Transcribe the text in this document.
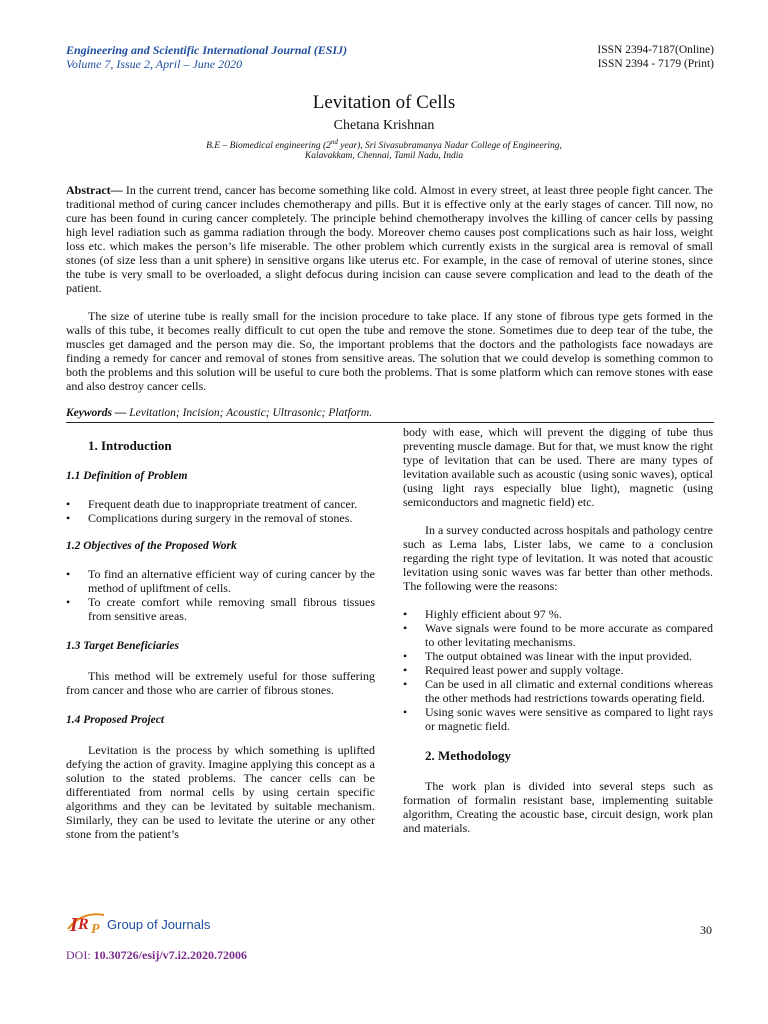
Engineering and Scientific International Journal (ESIJ)
Volume 7, Issue 2, April – June 2020
ISSN 2394-7187(Online)
ISSN 2394 - 7179 (Print)
Levitation of Cells
Chetana Krishnan
B.E – Biomedical engineering (2nd year), Sri Sivasubramanya Nadar College of Engineering,
Kalavakkam, Chennai, Tamil Nadu, India

Abstract— In the current trend, cancer has become something like cold. Almost in every street, at least three people fight cancer. The traditional method of curing cancer includes chemotherapy and pills. But it is effective only at the early stages of cancer. Till now, no cure has been found in curing cancer completely. The principle behind chemotherapy involves the killing of cancer cells by passing high level radiation such as gamma radiation through the body. Moreover chemo causes post complications such as hair loss, weight loss etc. which makes the person’s life miserable. The other problem which currently exists in the surgical area is removal of small stones (of size less than a unit sphere) in sensitive organs like uterus etc. For example, in the case of removal of uterine stones, since the tube is very small to be overloaded, a slight defocus during incision can cause severe complication and lead to the death of the patient.

The size of uterine tube is really small for the incision procedure to take place. If any stone of fibrous type gets formed in the walls of this tube, it becomes really difficult to cut open the tube and remove the stone. Sometimes due to deep tear of the tube, the muscles get damaged and the person may die. So, the important problems that the doctors and the pathologists face nowadays are finding a remedy for cancer and removal of stones from sensitive areas. The solution that we could develop is something common to both the problems and this solution will be useful to cure both the problems. That is some platform which can remove stones with ease and also destroy cancer cells.
Keywords — Levitation; Incision; Acoustic; Ultrasonic; Platform.
1. Introduction
1.1 Definition of Problem
• Frequent death due to inappropriate treatment of cancer.
• Complications during surgery in the removal of stones.
1.2 Objectives of the Proposed Work
• To find an alternative efficient way of curing cancer by the method of upliftment of cells.
• To create comfort while removing small fibrous tissues from sensitive areas.
1.3 Target Beneficiaries
This method will be extremely useful for those suffering from cancer and those who are carrier of fibrous stones.
1.4 Proposed Project
Levitation is the process by which something is uplifted defying the action of gravity. Imagine applying this concept as a solution to the stated problems. The cancer cells can be differentiated from normal cells by using certain specific algorithms and they can be levitated by suitable mechanism. Similarly, they can be used to levitate the uterine or any other stone from the patient’s
body with ease, which will prevent the digging of tube thus preventing muscle damage. But for that, we must know the right type of levitation that can be used. There are many types of levitation available such as acoustic (using sonic waves), optical (using light rays especially blue light), magnetic (using semiconductors and magnetic field) etc.
In a survey conducted across hospitals and pathology centre such as Lema labs, Lister labs, we came to a conclusion regarding the right type of levitation. It was noted that acoustic levitation using sonic waves was far better than other methods. The following were the reasons:
• Highly efficient about 97 %.
• Wave signals were found to be more accurate as compared to other levitating mechanisms.
• The output obtained was linear with the input provided.
• Required least power and supply voltage.
• Can be used in all climatic and external conditions whereas the other methods had restrictions towards operating field.
• Using sonic waves were sensitive as compared to light rays or magnetic field.
2. Methodology
The work plan is divided into several steps such as formation of formalin resistant base, implementing suitable algorithm, Creating the acoustic base, circuit design, work plan and materials.
I R P Group of Journals
DOI: 10.30726/esij/v7.i2.2020.72006
30
